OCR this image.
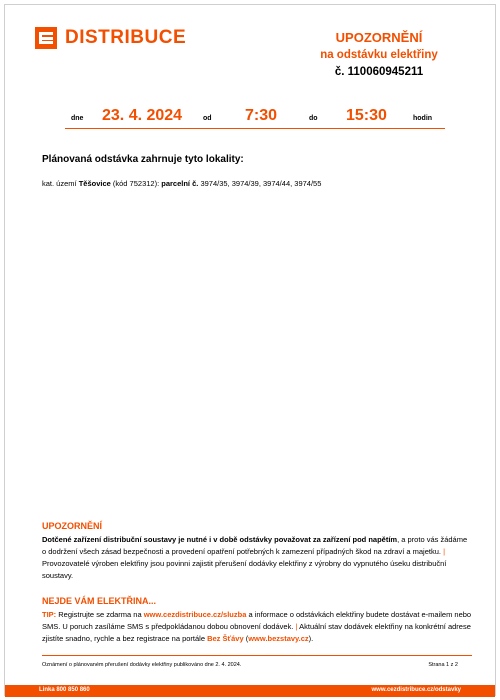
DISTRIBUCE	UPOZORNĚNÍ
na odstávku elektřiny
č. 110060945211
dne 23. 4. 2024	od 7:30	do 15:30	hodin
Plánovaná odstávka zahrnuje tyto lokality:
kat. území Těšovice (kód 752312): parcelní č. 3974/35, 3974/39, 3974/44, 3974/55
UPOZORNĚNÍ
Dotčené zařízení distribuční soustavy je nutné i v době odstávky považovat za zařízení pod napětím, a proto vás žádáme o dodržení všech zásad bezpečnosti a provedení opatření potřebných k zamezení případných škod na zdraví a majetku. | Provozovatelé výroben elektřiny jsou povinni zajistit přerušení dodávky elektřiny z výrobny do vypnutého úseku distribuční soustavy.
NEJDE VÁM ELEKTŘINA...
TIP: Registrujte se zdarma na www.cezdistribuce.cz/sluzba a informace o odstávkách elektřiny budete dostávat e-mailem nebo SMS. U poruch zasíláme SMS s předpokládanou dobou obnovení dodávek. | Aktuální stav dodávek elektřiny na konkrétní adrese zjistíte snadno, rychle a bez registrace na portále Bez Šťávy (www.bezstavy.cz).
Oznámení o plánovaném přerušení dodávky elektřiny publikováno dne 2. 4. 2024.	Strana 1 z 2
Linka 800 850 860	www.cezdistribuce.cz/odstavky
